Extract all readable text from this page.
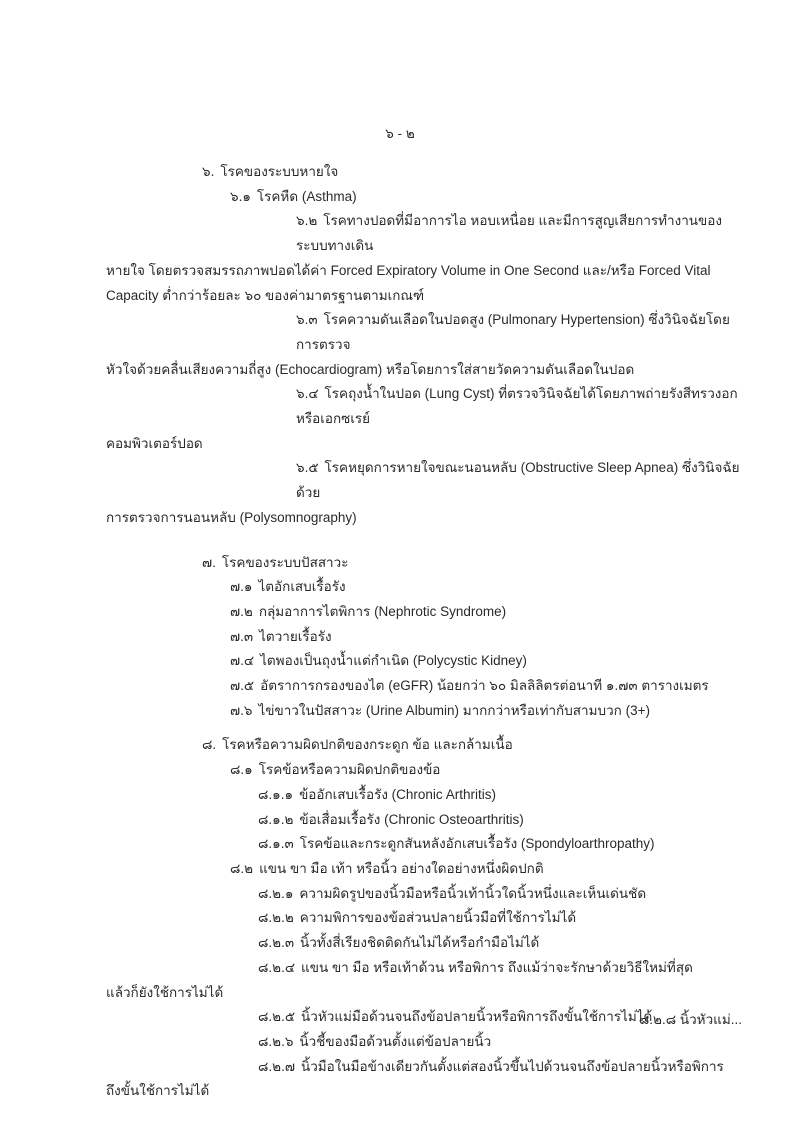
๖ - ๒
๖. โรคของระบบหายใจ
๖.๑ โรคหืด (Asthma)
๖.๒ โรคทางปอดที่มีอาการไอ หอบเหนื่อย และมีการสูญเสียการทำงานของระบบทางเดิน
หายใจ โดยตรวจสมรรถภาพปอดได้ค่า Forced Expiratory Volume in One Second และ/หรือ Forced Vital
Capacity ต่ำกว่าร้อยละ ๖๐ ของค่ามาตรฐานตามเกณฑ์
๖.๓ โรคความดันเลือดในปอดสูง (Pulmonary Hypertension) ซึ่งวินิจฉัยโดยการตรวจ
หัวใจด้วยคลื่นเสียงความถี่สูง (Echocardiogram) หรือโดยการใส่สายวัดความดันเลือดในปอด
๖.๔ โรคถุงน้ำในปอด (Lung Cyst) ที่ตรวจวินิจฉัยได้โดยภาพถ่ายรังสีทรวงอก หรือเอกซเรย์
คอมพิวเตอร์ปอด
๖.๕ โรคหยุดการหายใจขณะนอนหลับ (Obstructive Sleep Apnea) ซึ่งวินิจฉัยด้วย
การตรวจการนอนหลับ (Polysomnography)
๗. โรคของระบบปัสสาวะ
๗.๑ ไตอักเสบเรื้อรัง
๗.๒ กลุ่มอาการไตพิการ (Nephrotic Syndrome)
๗.๓ ไตวายเรื้อรัง
๗.๔ ไตพองเป็นถุงน้ำแต่กำเนิด (Polycystic Kidney)
๗.๕ อัตราการกรองของไต (eGFR) น้อยกว่า ๖๐ มิลลิลิตรต่อนาที ๑.๗๓ ตารางเมตร
๗.๖ ไข่ขาวในปัสสาวะ (Urine Albumin) มากกว่าหรือเท่ากับสามบวก (3+)
๘. โรคหรือความผิดปกติของกระดูก ข้อ และกล้ามเนื้อ
๘.๑ โรคข้อหรือความผิดปกติของข้อ
๘.๑.๑ ข้ออักเสบเรื้อรัง (Chronic Arthritis)
๘.๑.๒ ข้อเสื่อมเรื้อรัง (Chronic Osteoarthritis)
๘.๑.๓ โรคข้อและกระดูกสันหลังอักเสบเรื้อรัง (Spondyloarthropathy)
๘.๒ แขน ขา มือ เท้า หรือนิ้ว อย่างใดอย่างหนึ่งผิดปกติ
๘.๒.๑ ความผิดรูปของนิ้วมือหรือนิ้วเท้านิ้วใดนิ้วหนึ่งและเห็นเด่นชัด
๘.๒.๒ ความพิการของข้อส่วนปลายนิ้วมือที่ใช้การไม่ได้
๘.๒.๓ นิ้วทั้งสี่เรียงชิดติดกันไม่ได้หรือกำมือไม่ได้
๘.๒.๔ แขน ขา มือ หรือเท้าด้วน หรือพิการ ถึงแม้ว่าจะรักษาด้วยวิธีใหม่ที่สุด
แล้วก็ยังใช้การไม่ได้
๘.๒.๕ นิ้วหัวแม่มือด้วนจนถึงข้อปลายนิ้วหรือพิการถึงขั้นใช้การไม่ได้
๘.๒.๖ นิ้วชี้ของมือด้วนตั้งแต่ข้อปลายนิ้ว
๘.๒.๗ นิ้วมือในมือข้างเดียวกันตั้งแต่สองนิ้วขึ้นไปด้วนจนถึงข้อปลายนิ้วหรือพิการ
ถึงขั้นใช้การไม่ได้
๘.๒.๘ นิ้วหัวแม่...
